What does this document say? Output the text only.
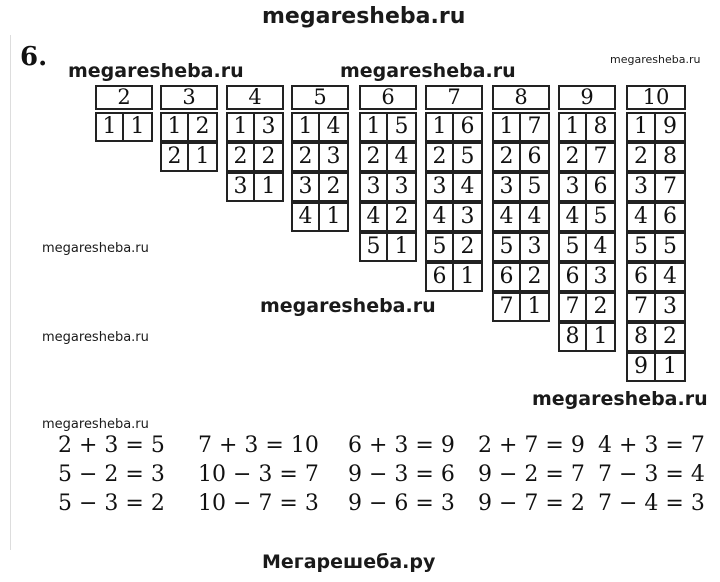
megaresheba.ru
6. megaresheba.ru	megaresheba.ru
megaresheba.ru
megaresheba.ru
megaresheba.ru
megaresheba.ru
megaresheba.ru
megaresheba.ru
Мегарешеба.ру
2
1 1
3
1 2
2 1
4
1 3
2 2
3 1
5
1 4
2 3
3 2
4 1
6
1 5
2 4
3 3
4 2
5 1
7
1 6
2 5
3 4
4 3
5 2
6 1
8
1 7
2 6
3 5
4 4
5 3
6 2
7 1
9
1 8
2 7
3 6
4 5
5 4
6 3
7 2
8 1
10
1 9
2 8
3 7
4 6
5 5
6 4
7 3
8 2
9 1
2 + 3 = 5 7 + 3 = 10 6 + 3 = 9 2 + 7 = 9 4 + 3 = 7
5 − 2 = 3 10 − 3 = 7 9 − 3 = 6 9 − 2 = 7 7 − 3 = 4
5 − 3 = 2 10 − 7 = 3 9 − 6 = 3 9 − 7 = 2 7 − 4 = 3
